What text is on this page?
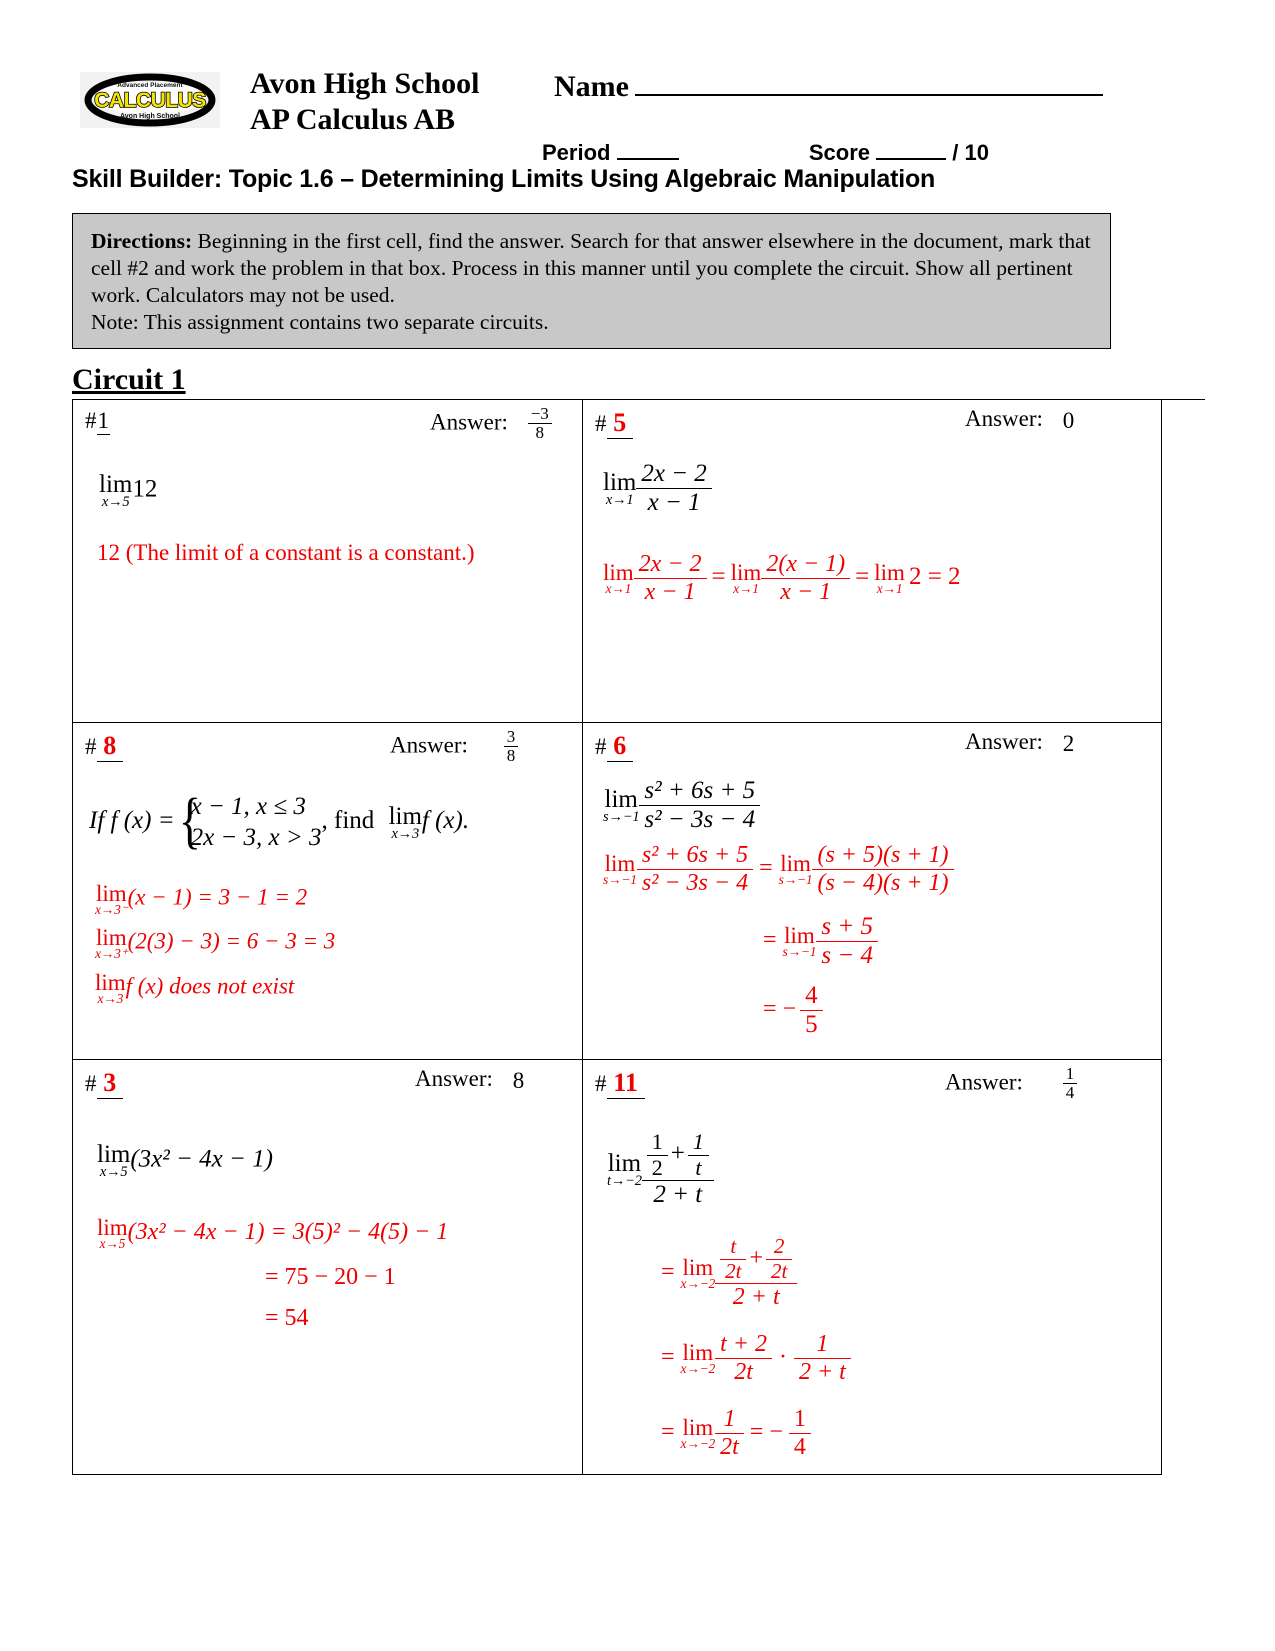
Advanced Placement
CALCULUS
Avon High School
Avon High School
AP Calculus AB
Name
Period	Score	/ 10
Skill Builder: Topic 1.6 – Determining Limits Using Algebraic Manipulation
Directions: Beginning in the first cell, find the answer. Search for that answer elsewhere in the document, mark that cell #2 and work the problem in that box. Process in this manner until you complete the circuit. Show all pertinent work. Calculators may not be used.
Note: This assignment contains two separate circuits.
Circuit 1
#1	Answer: $\frac{-3}{8}$
lim
x→5 12
12 (The limit of a constant is a constant.)

# 5	Answer: 0
lim
$x\to 1 \frac{2x - 2}{x - 1}$
lim
$x\to 1 \frac{2x - 2}{x - 1} = \lim$
$x\to 1 \frac{2(x - 1)}{x - 1} = \lim$
x→1 2 = 2

# 8	Answer: $\frac{3}{8}$
If f (x) = {
x − 1, x ≤ 3
2x − 3, x > 3
, find lim
x→3 f (x).
lim
x→3⁻ (x − 1) = 3 − 1 = 2
lim
x→3⁺ (2(3) − 3) = 6 − 3 = 3
lim
x→3 f (x) does not exist

# 6	Answer: 2
lim
$s\to-1 \frac{\text{s² + 6s + 5}}{\text{s² − 3s − 4}}$
lim
$s\to-1 \frac{\text{s² + 6s + 5}}{\text{s² − 3s − 4}} = \lim$
$s\to-1 \frac{(s + 5)(s + 1)}{(s - 4)(s + 1)}$
= lim
$s\to-1 \frac{s + 5}{s - 4}$
= − $\frac{4}{5}$

# 3	Answer: 8
lim
x→5 (3x² − 4x − 1)
lim
x→5 (3x² − 4x − 1) = 3(5)² − 4(5) − 1
= 75 − 20 − 1
= 54

# 11	Answer: $\frac{1}{4}$
lim
t→−2
$\frac{1}{2} + \frac{1}{t}$
2 + t
= lim
x→−2
$\frac{t}{2t} + \frac{2}{2t}$
2 + t
= lim
$x\to-2 \frac{t + 2}{2t} \cdot \frac{1}{2 + t}$
= lim
$x\to-2 \frac{1}{2t}$ = − $\frac{1}{4}$
